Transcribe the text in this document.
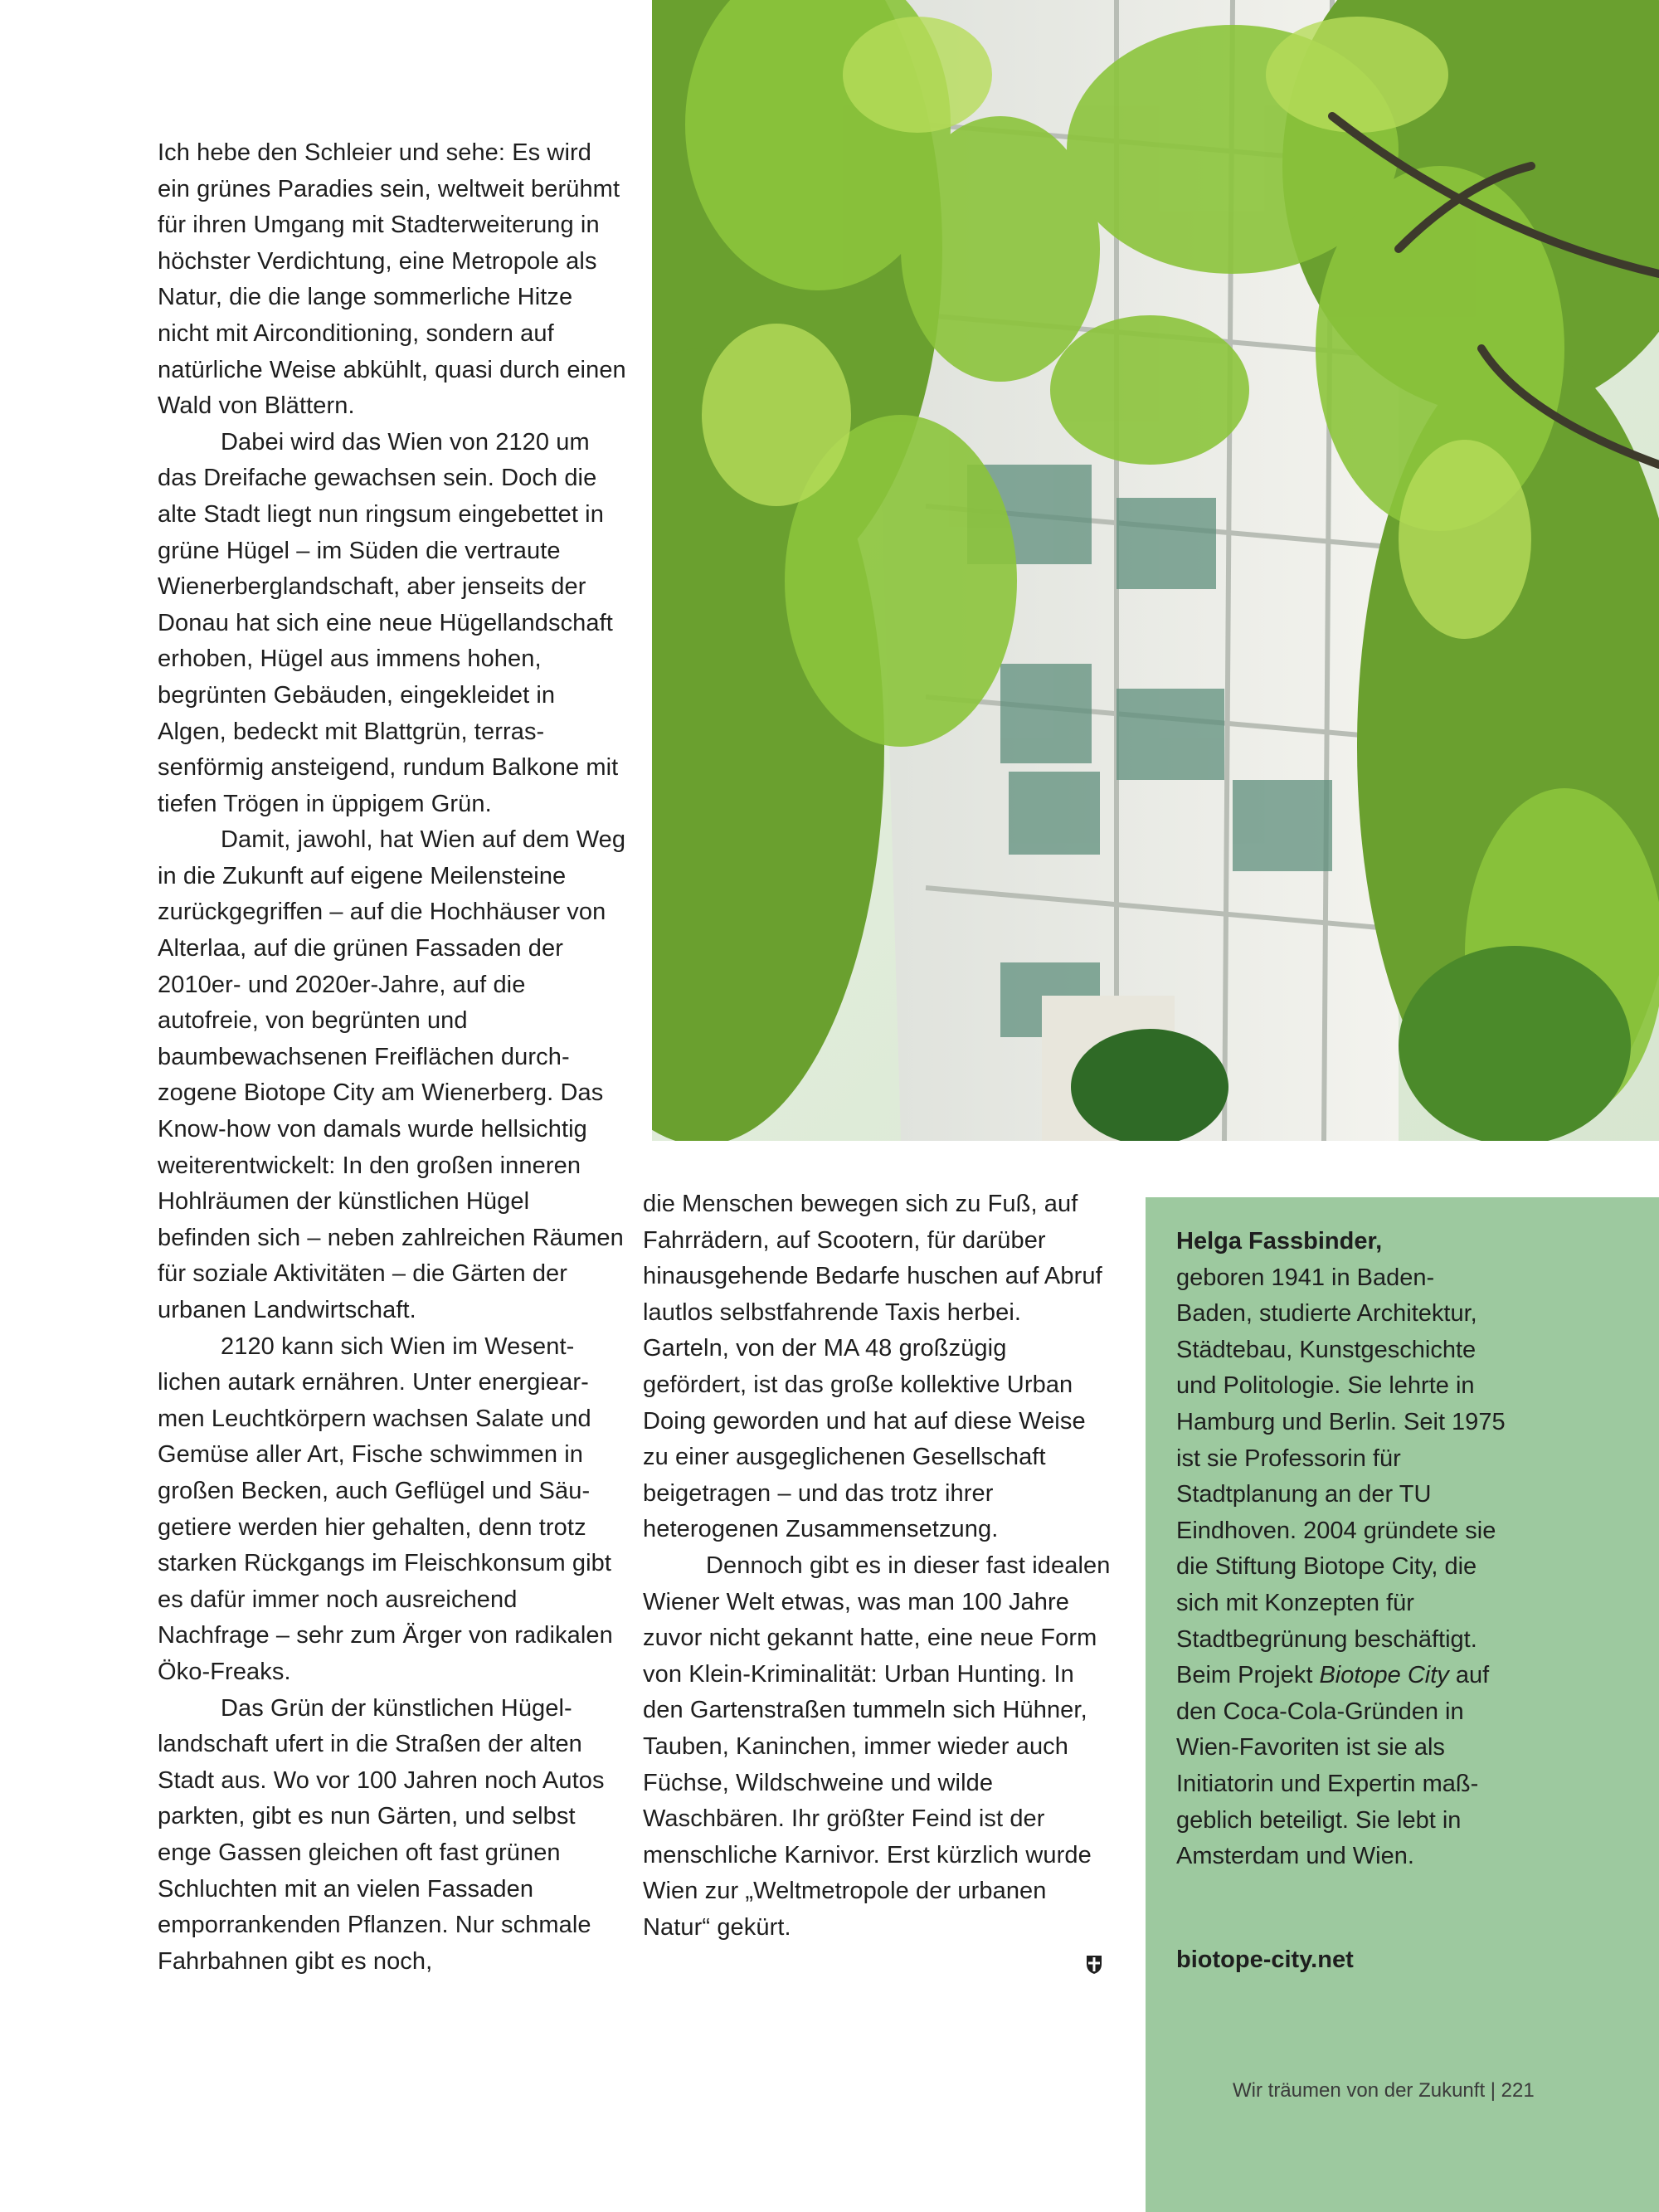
Ich hebe den Schleier und sehe: Es wird ein grünes Paradies sein, weltweit berühmt für ihren Umgang mit Stadterweiterung in höchster Verdichtung, eine Metropole als Natur, die die lange sommerliche Hitze nicht mit Airconditioning, sondern auf natürliche Weise abkühlt, quasi durch einen Wald von Blättern.

Dabei wird das Wien von 2120 um das Dreifache gewachsen sein. Doch die alte Stadt liegt nun ringsum eingebettet in grüne Hügel – im Süden die vertraute Wienerberglandschaft, aber jenseits der Donau hat sich eine neue Hügellandschaft erhoben, Hügel aus immens hohen, begrünten Gebäuden, eingekleidet in Algen, bedeckt mit Blattgrün, terrassenförmig ansteigend, rundum Balkone mit tiefen Trögen in üppigem Grün.

Damit, jawohl, hat Wien auf dem Weg in die Zukunft auf eigene Meilensteine zurückgegriffen – auf die Hochhäuser von Alterlaa, auf die grünen Fassaden der 2010er- und 2020er-Jahre, auf die autofreie, von begrünten und baumbewachsenen Freiflächen durchzogene Biotope City am Wienerberg. Das Know-how von damals wurde hellsichtig weiterentwickelt: In den großen inneren Hohlräumen der künstlichen Hügel befinden sich – neben zahlreichen Räumen für soziale Aktivitäten – die Gärten der urbanen Landwirtschaft.

2120 kann sich Wien im Wesentlichen autark ernähren. Unter energiearmen Leuchtkörpern wachsen Salate und Gemüse aller Art, Fische schwimmen in großen Becken, auch Geflügel und Säugetiere werden hier gehalten, denn trotz starken Rückgangs im Fleischkonsum gibt es dafür immer noch ausreichend Nachfrage – sehr zum Ärger von radikalen Öko-Freaks.

Das Grün der künstlichen Hügellandschaft ufert in die Straßen der alten Stadt aus. Wo vor 100 Jahren noch Autos parkten, gibt es nun Gärten, und selbst enge Gassen gleichen oft fast grünen Schluchten mit an vielen Fassaden emporrankenden Pflanzen. Nur schmale Fahrbahnen gibt es noch,

die Menschen bewegen sich zu Fuß, auf Fahrrädern, auf Scootern, für darüber hinausgehende Bedarfe huschen auf Abruf lautlos selbstfahrende Taxis herbei. Garteln, von der MA 48 großzügig gefördert, ist das große kollektive Urban Doing geworden und hat auf diese Weise zu einer ausgeglichenen Gesellschaft beigetragen – und das trotz ihrer heterogenen Zusammensetzung.

Dennoch gibt es in dieser fast idealen Wiener Welt etwas, was man 100 Jahre zuvor nicht gekannt hatte, eine neue Form von Klein-Kriminalität: Urban Hunting. In den Gartenstraßen tummeln sich Hühner, Tauben, Kaninchen, immer wieder auch Füchse, Wildschweine und wilde Waschbären. Ihr größter Feind ist der menschliche Karnivor. Erst kürzlich wurde Wien zur „Weltmetropole der urbanen Natur“ gekürt.

Helga Fassbinder,
geboren 1941 in Baden-Baden, studierte Architektur, Städtebau, Kunstgeschichte und Politologie. Sie lehrte in Hamburg und Berlin. Seit 1975 ist sie Professorin für Stadtplanung an der TU Eindhoven. 2004 gründete sie die Stiftung Biotope City, die sich mit Konzepten für Stadtbegrünung beschäftigt. Beim Projekt Biotope City auf den Coca-Cola-Gründen in Wien-Favoriten ist sie als Initiatorin und Expertin maßgeblich beteiligt. Sie lebt in Amsterdam und Wien.
biotope-city.net
Wir träumen von der Zukunft | 221
